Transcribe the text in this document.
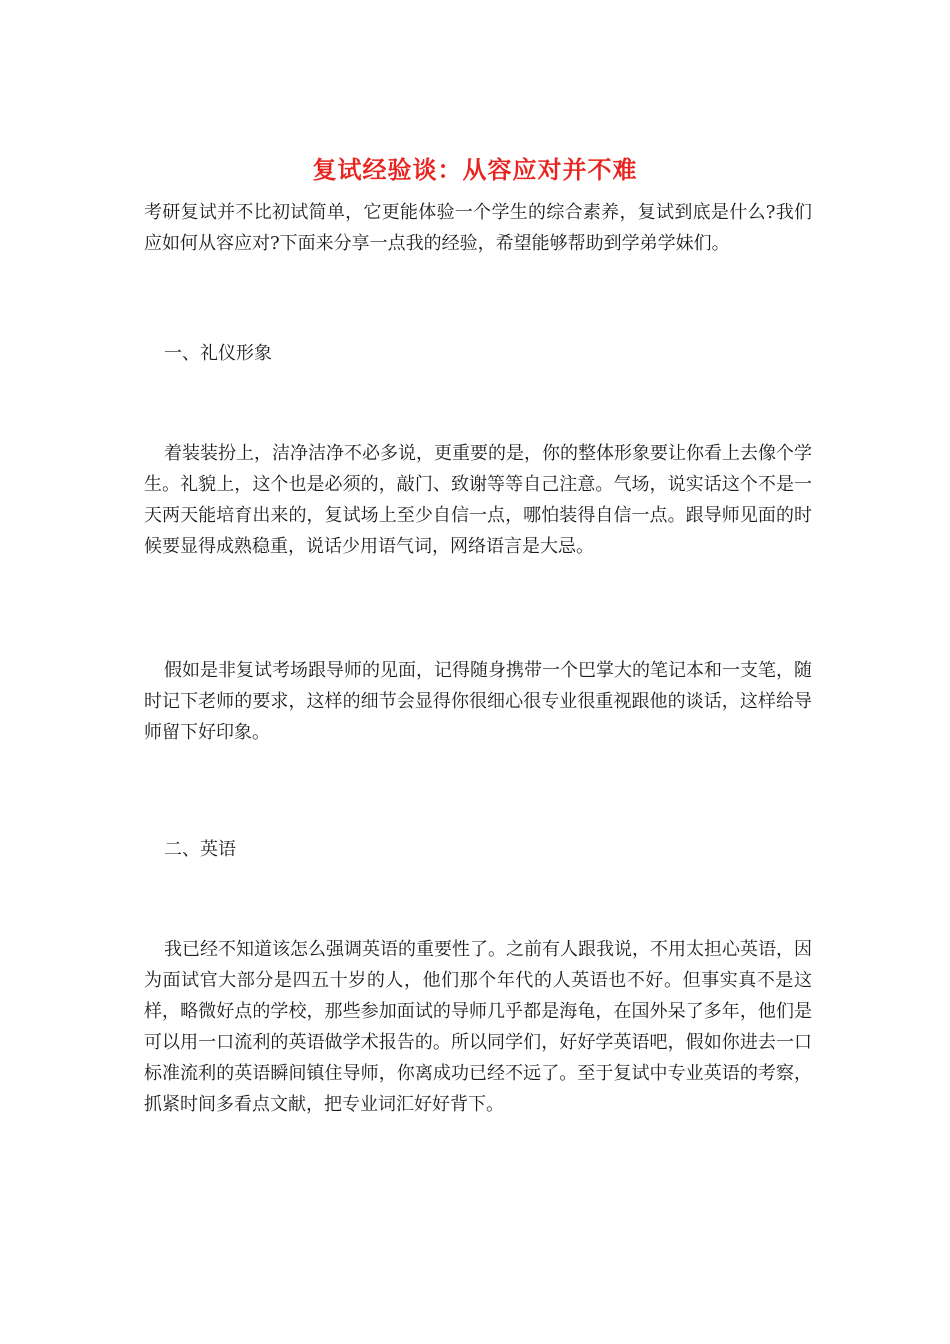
复试经验谈：从容应对并不难
考研复试并不比初试简单，它更能体验一个学生的综合素养，复试到底是什么?我们应如何从容应对?下面来分享一点我的经验，希望能够帮助到学弟学妹们。
一、礼仪形象
着装装扮上，洁净洁净不必多说，更重要的是，你的整体形象要让你看上去像个学生。礼貌上，这个也是必须的，敲门、致谢等等自己注意。气场，说实话这个不是一天两天能培育出来的，复试场上至少自信一点，哪怕装得自信一点。跟导师见面的时候要显得成熟稳重，说话少用语气词，网络语言是大忌。
假如是非复试考场跟导师的见面，记得随身携带一个巴掌大的笔记本和一支笔，随时记下老师的要求，这样的细节会显得你很细心很专业很重视跟他的谈话，这样给导师留下好印象。
二、英语
我已经不知道该怎么强调英语的重要性了。之前有人跟我说，不用太担心英语，因为面试官大部分是四五十岁的人，他们那个年代的人英语也不好。但事实真不是这样，略微好点的学校，那些参加面试的导师几乎都是海龟，在国外呆了多年，他们是可以用一口流利的英语做学术报告的。所以同学们，好好学英语吧，假如你进去一口标准流利的英语瞬间镇住导师，你离成功已经不远了。至于复试中专业英语的考察，抓紧时间多看点文献，把专业词汇好好背下。
